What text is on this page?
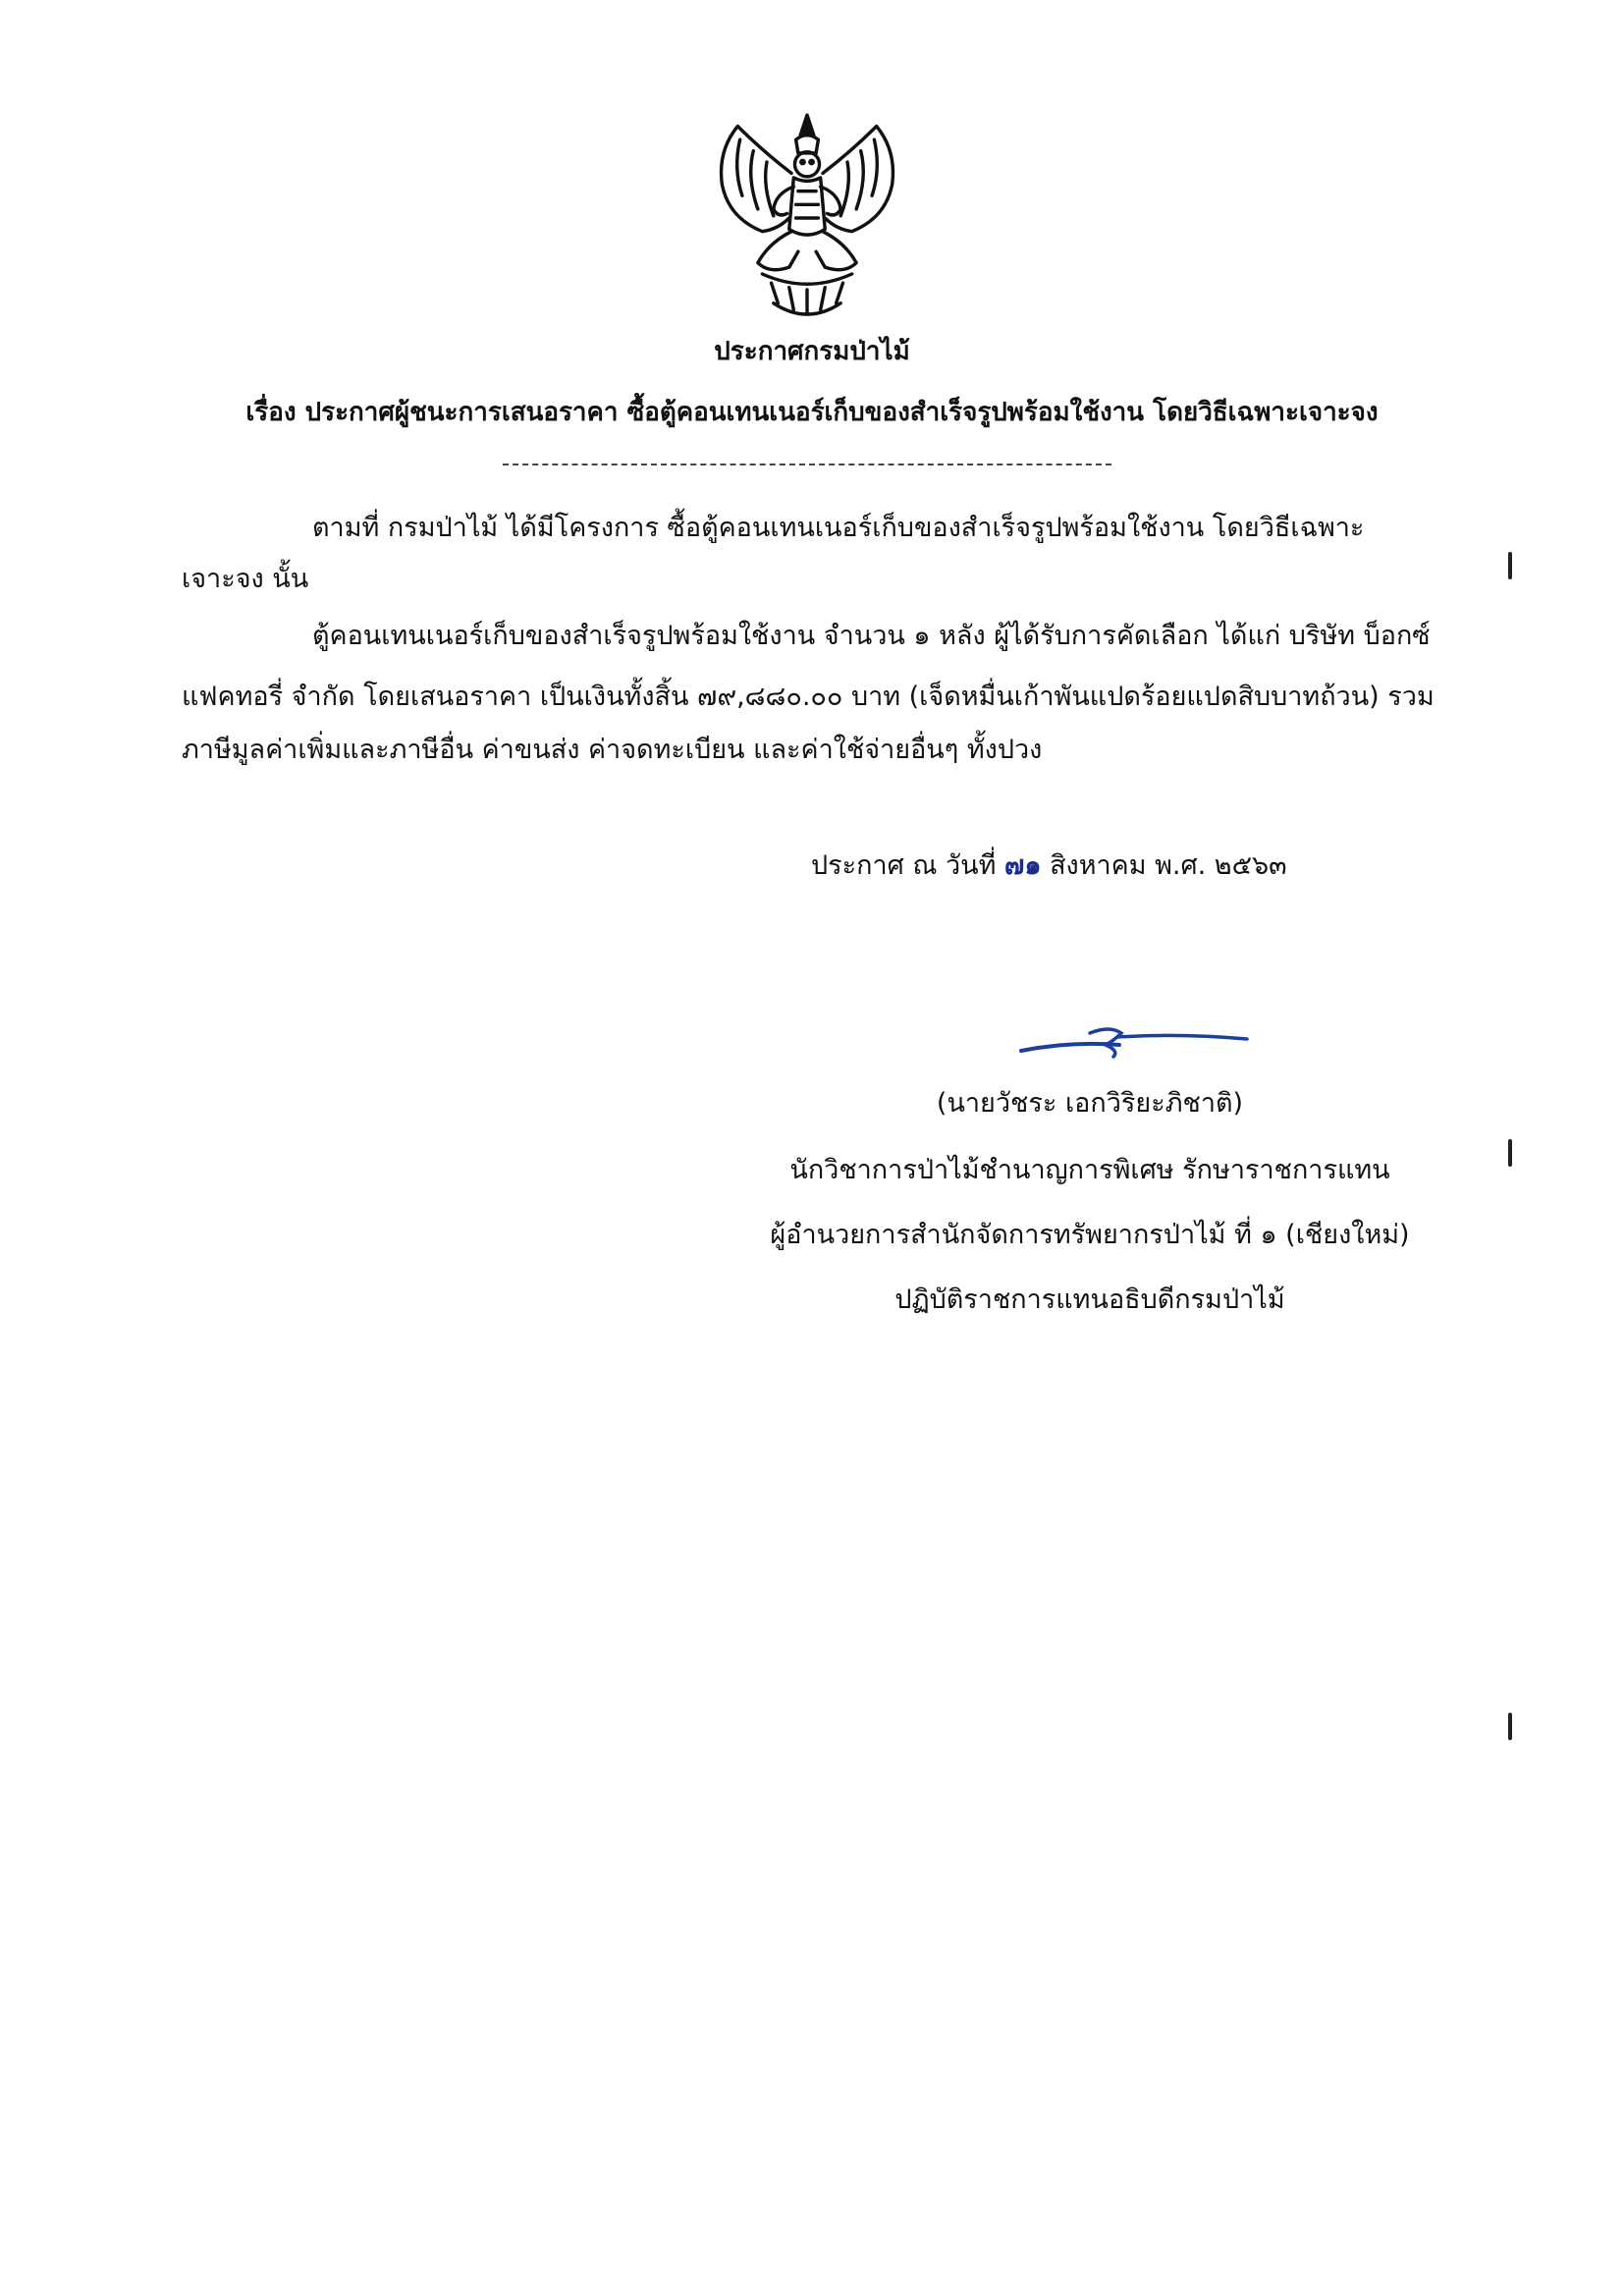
ประกาศกรมป่าไม้
เรื่อง ประกาศผู้ชนะการเสนอราคา ซื้อตู้คอนเทนเนอร์เก็บของสำเร็จรูปพร้อมใช้งาน โดยวิธีเฉพาะเจาะจง
ตามที่ กรมป่าไม้ ได้มีโครงการ ซื้อตู้คอนเทนเนอร์เก็บของสำเร็จรูปพร้อมใช้งาน โดยวิธีเฉพาะ
เจาะจง นั้น
ตู้คอนเทนเนอร์เก็บของสำเร็จรูปพร้อมใช้งาน จำนวน ๑ หลัง ผู้ได้รับการคัดเลือก ได้แก่ บริษัท บ็อกซ์
แฟคทอรี่ จำกัด โดยเสนอราคา เป็นเงินทั้งสิ้น ๗๙,๘๘๐.๐๐ บาท (เจ็ดหมื่นเก้าพันแปดร้อยแปดสิบบาทถ้วน) รวม
ภาษีมูลค่าเพิ่มและภาษีอื่น ค่าขนส่ง ค่าจดทะเบียน และค่าใช้จ่ายอื่นๆ ทั้งปวง
ประกาศ ณ วันที่ ๗๑ สิงหาคม พ.ศ. ๒๕๖๓
(นายวัชระ เอกวิริยะภิชาติ)
นักวิชาการป่าไม้ชำนาญการพิเศษ รักษาราชการแทน
ผู้อำนวยการสำนักจัดการทรัพยากรป่าไม้ ที่ ๑ (เชียงใหม่)
ปฏิบัติราชการแทนอธิบดีกรมป่าไม้
